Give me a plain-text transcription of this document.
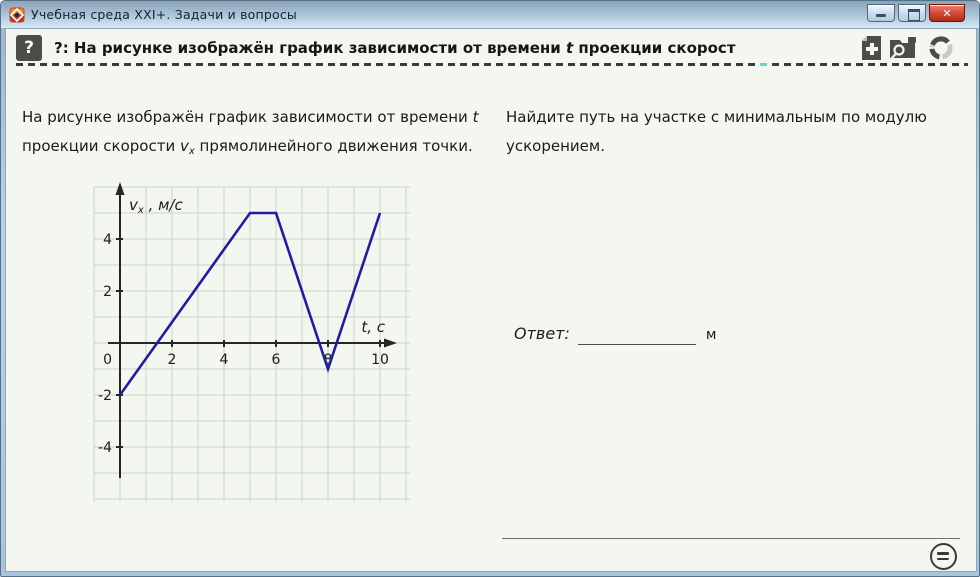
Учебная среда XXI+. Задачи и вопросы	✕
?	?: На рисунке изображён график зависимости от времени t проекции скорост
На рисунке изображён график зависимости от времени t проекции скорости $v_x$ прямолинейного движения точки.
Найдите путь на участке с минимальным по модулю ускорением.
2	4	6	8	10
4
2
-2
-4
0
$v_x$ , м/с
t, c	Ответ:	м
